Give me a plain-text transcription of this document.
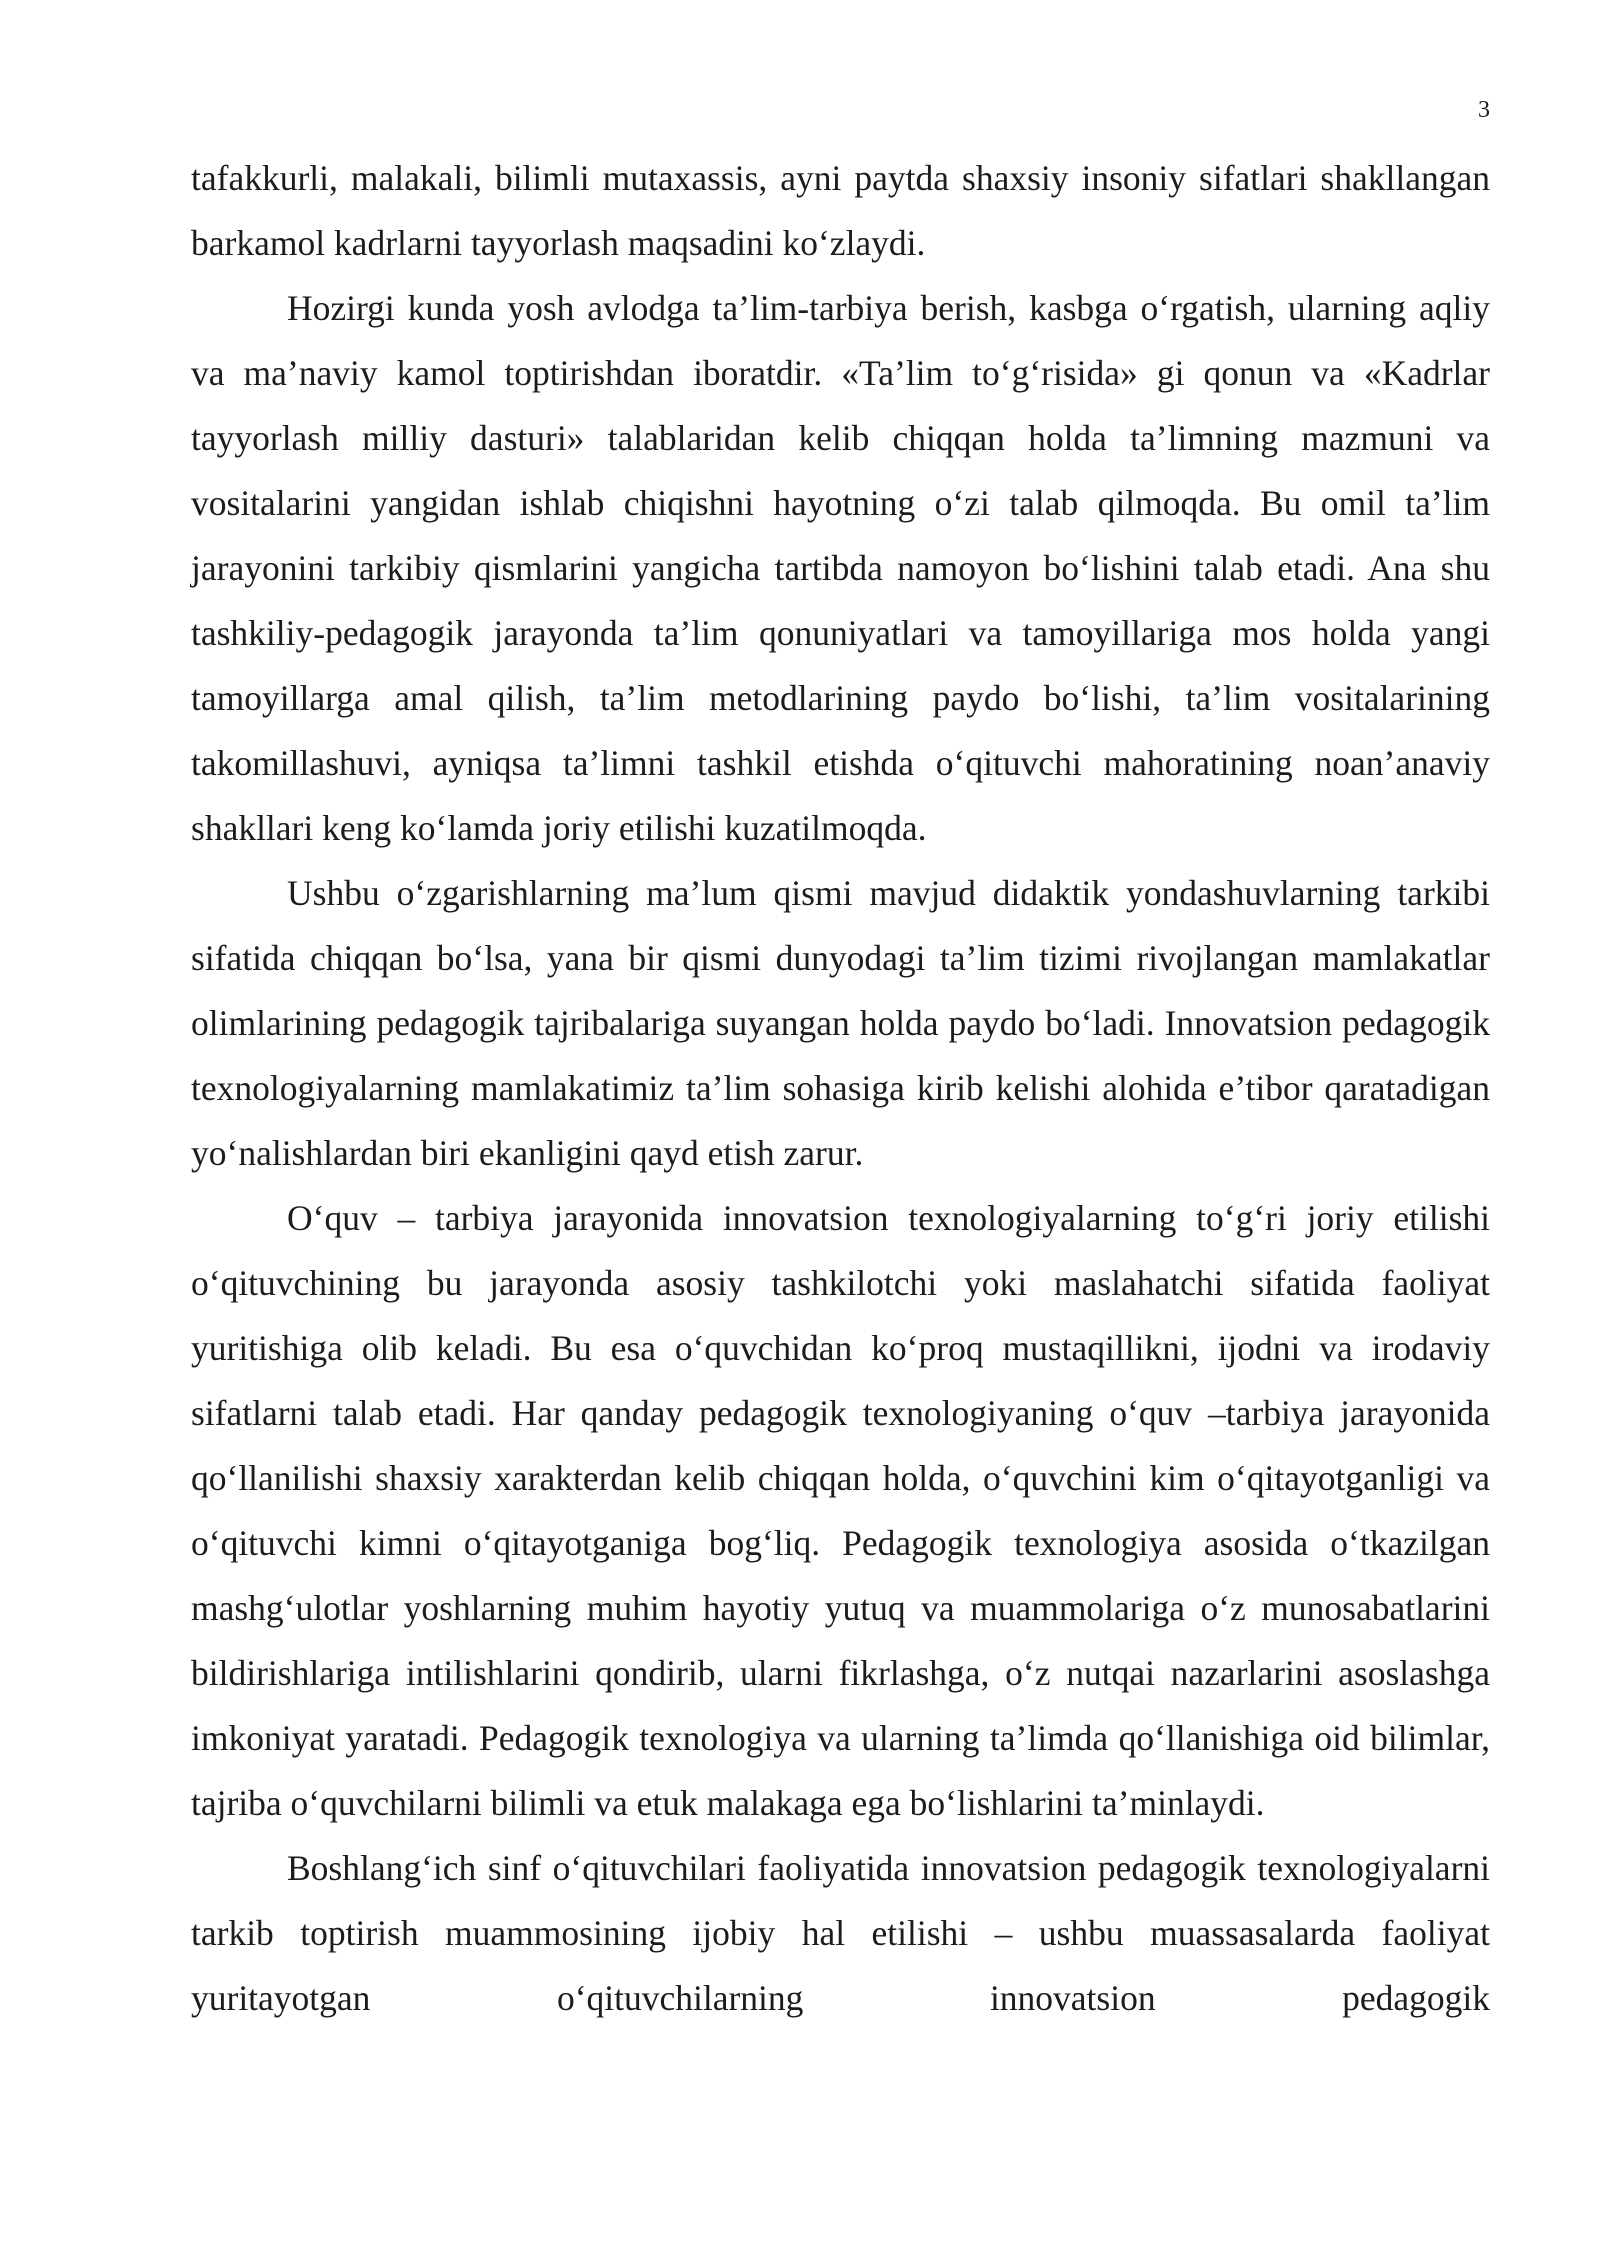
3

tafakkurli, malakali, bilimli mutaxassis, ayni paytda shaxsiy insoniy sifatlari shakllangan barkamol kadrlarni tayyorlash maqsadini ko‘zlaydi.

Hozirgi kunda yosh avlodga ta’lim-tarbiya berish, kasbga o‘rgatish, ularning aqliy va ma’naviy kamol toptirishdan iboratdir. «Ta’lim to‘g‘risida» gi qonun va «Kadrlar tayyorlash milliy dasturi» talablaridan kelib chiqqan holda ta’limning mazmuni va vositalarini yangidan ishlab chiqishni hayotning o‘zi talab qilmoqda. Bu omil ta’lim jarayonini tarkibiy qismlarini yangicha tartibda namoyon bo‘lishini talab etadi. Ana shu tashkiliy-pedagogik jarayonda ta’lim qonuniyatlari va tamoyillariga mos holda yangi tamoyillarga amal qilish, ta’lim metodlarining paydo bo‘lishi, ta’lim vositalarining takomillashuvi, ayniqsa ta’limni tashkil etishda o‘qituvchi mahoratining noan’anaviy shakllari keng ko‘lamda joriy etilishi kuzatilmoqda.

Ushbu o‘zgarishlarning ma’lum qismi mavjud didaktik yondashuvlarning tarkibi sifatida chiqqan bo‘lsa, yana bir qismi dunyodagi ta’lim tizimi rivojlangan mamlakatlar olimlarining pedagogik tajribalariga suyangan holda paydo bo‘ladi. Innovatsion pedagogik texnologiyalarning mamlakatimiz ta’lim sohasiga kirib kelishi alohida e’tibor qaratadigan yo‘nalishlardan biri ekanligini qayd etish zarur.

O‘quv – tarbiya jarayonida innovatsion texnologiyalarning to‘g‘ri joriy etilishi o‘qituvchining bu jarayonda asosiy tashkilotchi yoki maslahatchi sifatida faoliyat yuritishiga olib keladi. Bu esa o‘quvchidan ko‘proq mustaqillikni, ijodni va irodaviy sifatlarni talab etadi. Har qanday pedagogik texnologiyaning o‘quv –tarbiya jarayonida qo‘llanilishi shaxsiy xarakterdan kelib chiqqan holda, o‘quvchini kim o‘qitayotganligi va o‘qituvchi kimni o‘qitayotganiga bog‘liq. Pedagogik texnologiya asosida o‘tkazilgan mashg‘ulotlar yoshlarning muhim hayotiy yutuq va muammolariga o‘z munosabatlarini bildirishlariga intilishlarini qondirib, ularni fikrlashga, o‘z nutqai nazarlarini asoslashga imkoniyat yaratadi. Pedagogik texnologiya va ularning ta’limda qo‘llanishiga oid bilimlar, tajriba o‘quvchilarni bilimli va etuk malakaga ega bo‘lishlarini ta’minlaydi.

Boshlang‘ich sinf o‘qituvchilari faoliyatida innovatsion pedagogik texnologiyalarni tarkib toptirish muammosining ijobiy hal etilishi – ushbu muassasalarda faoliyat yuritayotgan o‘qituvchilarning innovatsion pedagogik
